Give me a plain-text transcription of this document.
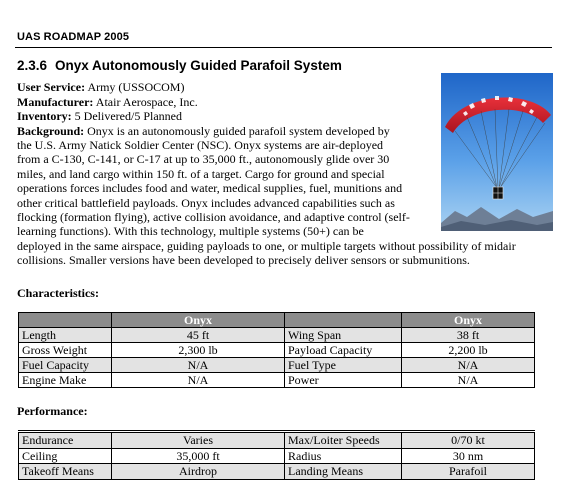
UAS ROADMAP 2005
2.3.6 Onyx Autonomously Guided Parafoil System
User Service: Army (USSOCOM)
Manufacturer: Atair Aerospace, Inc.
Inventory: 5 Delivered/5 Planned
Background: Onyx is an autonomously guided parafoil system developed by
the U.S. Army Natick Soldier Center (NSC). Onyx systems are air-deployed
from a C-130, C-141, or C-17 at up to 35,000 ft., autonomously glide over 30
miles, and land cargo within 150 ft. of a target. Cargo for ground and special
operations forces includes food and water, medical supplies, fuel, munitions and
other critical battlefield payloads. Onyx includes advanced capabilities such as
flocking (formation flying), active collision avoidance, and adaptive control (self-
learning functions). With this technology, multiple systems (50+) can be
deployed in the same airspace, guiding payloads to one, or multiple targets without possibility of midair
collisions. Smaller versions have been developed to precisely deliver sensors or submunitions.
Characteristics:
	Onyx		Onyx
Length	45 ft	Wing Span	38 ft
Gross Weight	2,300 lb	Payload Capacity	2,200 lb
Fuel Capacity	N/A	Fuel Type	N/A
Engine Make	N/A	Power	N/A
Performance:
Endurance	Varies	Max/Loiter Speeds	0/70 kt
Ceiling	35,000 ft	Radius	30 nm
Takeoff Means	Airdrop	Landing Means	Parafoil
